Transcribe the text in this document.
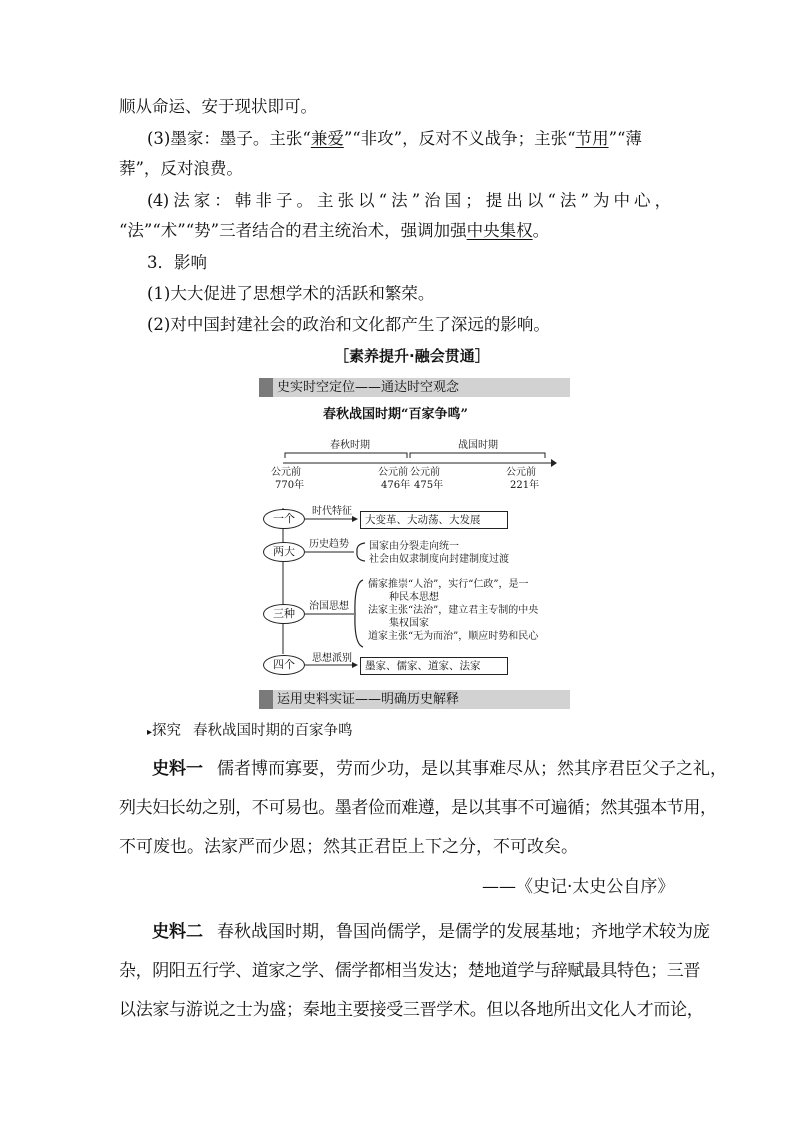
顺从命运、安于现状即可。
(3)墨家：墨子。主张“兼爱”“非攻”，反对不义战争；主张“节用”“薄
葬”，反对浪费。
(4) 法 家 ： 韩 非 子 。 主 张 以 “ 法 ” 治 国 ； 提 出 以 “ 法 ” 为 中 心 ，
“法”“术”“势”三者结合的君主统治术，强调加强中央集权。
3．影响
(1)大大促进了思想学术的活跃和繁荣。
(2)对中国封建社会的政治和文化都产生了深远的影响。
［素养提升·融会贯通］
史实时空定位——通达时空观念
春秋战国时期“百家争鸣”
春秋时期	战国时期
公元前
770年
公元前
476年
公元前
475年
公元前
221年
一个
两大
三种
四个
时代特征
历史趋势
治国思想
思想派别
大变革、大动荡、大发展
国家由分裂走向统一
社会由奴隶制度向封建制度过渡
儒家推崇“人治”，实行“仁政”，是一
种民本思想
法家主张“法治”，建立君主专制的中央
集权国家
道家主张“无为而治”，顺应时势和民心
墨家、儒家、道家、法家
运用史料实证——明确历史解释
▸探究 春秋战国时期的百家争鸣
史料一 儒者博而寡要，劳而少功，是以其事难尽从；然其序君臣父子之礼，
列夫妇长幼之别，不可易也。墨者俭而难遵，是以其事不可遍循；然其强本节用，
不可废也。法家严而少恩；然其正君臣上下之分，不可改矣。
——《史记·太史公自序》
史料二 春秋战国时期，鲁国尚儒学，是儒学的发展基地；齐地学术较为庞
杂，阴阳五行学、道家之学、儒学都相当发达；楚地道学与辞赋最具特色；三晋
以法家与游说之士为盛；秦地主要接受三晋学术。但以各地所出文化人才而论，
